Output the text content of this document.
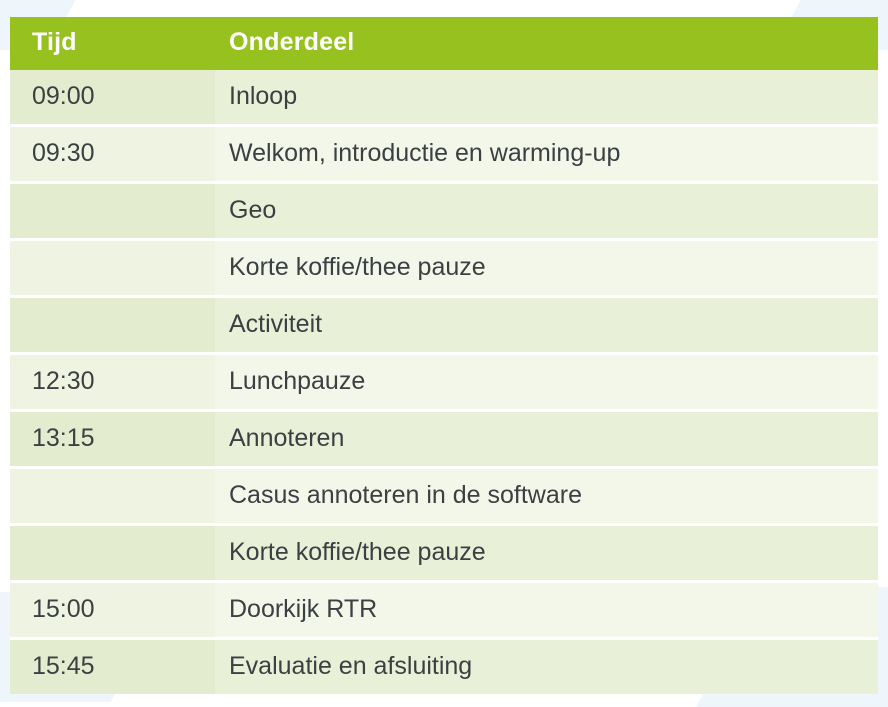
Tijd	Onderdeel
09:00	Inloop
09:30	Welkom, introductie en warming-up
	Geo
	Korte koffie/thee pauze
	Activiteit
12:30	Lunchpauze
13:15	Annoteren
	Casus annoteren in de software
	Korte koffie/thee pauze
15:00	Doorkijk RTR
15:45	Evaluatie en afsluiting
